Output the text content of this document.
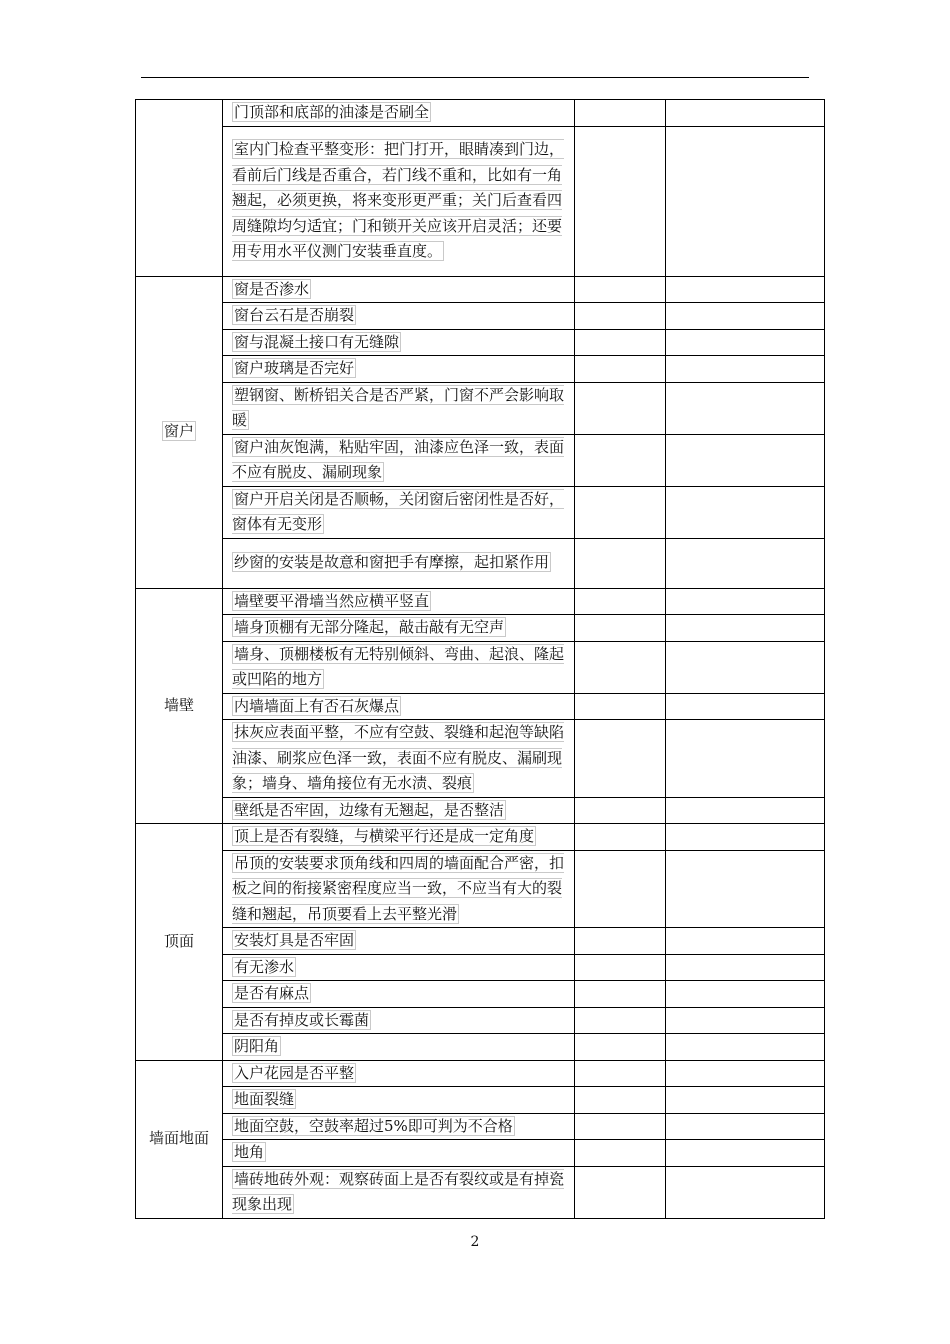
	门顶部和底部的油漆是否刷全		
	室内门检查平整变形：把门打开，眼睛凑到门边，看前后门线是否重合，若门线不重和，比如有一角翘起，必须更换，将来变形更严重；关门后查看四周缝隙均匀适宜；门和锁开关应该开启灵活；还要用专用水平仪测门安装垂直度。		
窗户	窗是否渗水		
	窗台云石是否崩裂		
	窗与混凝土接口有无缝隙		
	窗户玻璃是否完好		
	塑钢窗、断桥铝关合是否严紧，门窗不严会影响取暖		
	窗户油灰饱满，粘贴牢固，油漆应色泽一致，表面不应有脱皮、漏刷现象		
	窗户开启关闭是否顺畅，关闭窗后密闭性是否好，窗体有无变形		
	纱窗的安装是故意和窗把手有摩擦，起扣紧作用		
墙壁	墙壁要平滑墙当然应横平竖直		
	墙身顶棚有无部分隆起，敲击敲有无空声		
	墙身、顶棚楼板有无特别倾斜、弯曲、起浪、隆起或凹陷的地方		
	内墙墙面上有否石灰爆点		
	抹灰应表面平整，不应有空鼓、裂缝和起泡等缺陷油漆、刷浆应色泽一致，表面不应有脱皮、漏刷现象；墙身、墙角接位有无水渍、裂痕		
	壁纸是否牢固，边缘有无翘起，是否整洁		
顶面	顶上是否有裂缝，与横梁平行还是成一定角度		
	吊顶的安装要求顶角线和四周的墙面配合严密，扣板之间的衔接紧密程度应当一致，不应当有大的裂缝和翘起，吊顶要看上去平整光滑		
	安装灯具是否牢固		
	有无渗水		
	是否有麻点		
	是否有掉皮或长霉菌		
	阴阳角		
墙面地面	入户花园是否平整		
	地面裂缝		
	地面空鼓，空鼓率超过5%即可判为不合格		
	地角		
	墙砖地砖外观：观察砖面上是否有裂纹或是有掉瓷现象出现		
2
